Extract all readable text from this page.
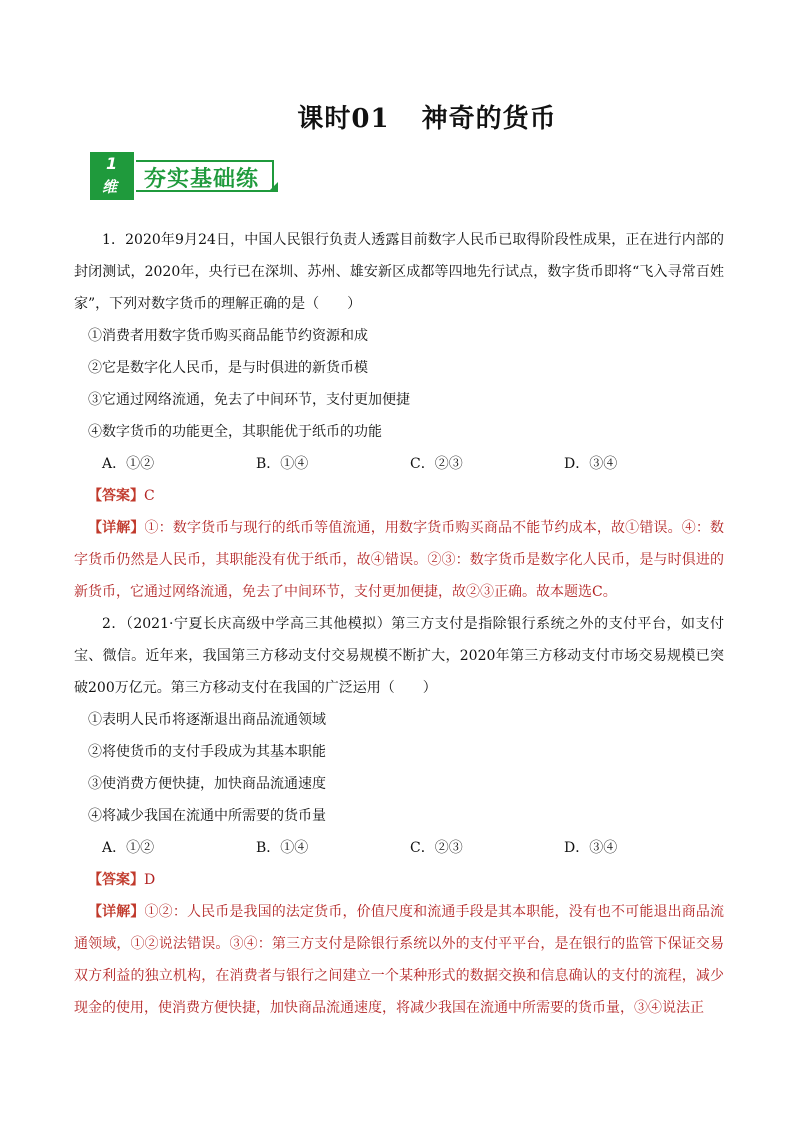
课时01 神奇的货币
1
维 夯实基础练

1．2020年9月24日，中国人民银行负责人透露目前数字人民币已取得阶段性成果，正在进行内部的封闭测试，2020年，央行已在深圳、苏州、雄安新区成都等四地先行试点，数字货币即将“飞入寻常百姓家”，下列对数字货币的理解正确的是（　　）

①消费者用数字货币购买商品能节约资源和成

②它是数字化人民币，是与时俱进的新货币模

③它通过网络流通，免去了中间环节，支付更加便捷

④数字货币的功能更全，其职能优于纸币的功能

A．①②	B．①④	C．②③	D．③④

【答案】C

【详解】①：数字货币与现行的纸币等值流通，用数字货币购买商品不能节约成本，故①错误。④：数字货币仍然是人民币，其职能没有优于纸币，故④错误。②③：数字货币是数字化人民币，是与时俱进的新货币，它通过网络流通，免去了中间环节，支付更加便捷，故②③正确。故本题选C。

2．（2021·宁夏长庆高级中学高三其他模拟）第三方支付是指除银行系统之外的支付平台，如支付宝、微信。近年来，我国第三方移动支付交易规模不断扩大，2020年第三方移动支付市场交易规模已突破200万亿元。第三方移动支付在我国的广泛运用（　　）

①表明人民币将逐渐退出商品流通领域

②将使货币的支付手段成为其基本职能

③使消费方便快捷，加快商品流通速度

④将减少我国在流通中所需要的货币量

A．①②	B．①④	C．②③	D．③④

【答案】D

【详解】①②：人民币是我国的法定货币，价值尺度和流通手段是其本职能，没有也不可能退出商品流通领域，①②说法错误。③④：第三方支付是除银行系统以外的支付平平台，是在银行的监管下保证交易双方利益的独立机构，在消费者与银行之间建立一个某种形式的数据交换和信息确认的支付的流程，减少现金的使用，使消费方便快捷，加快商品流通速度，将减少我国在流通中所需要的货币量，③④说法正
